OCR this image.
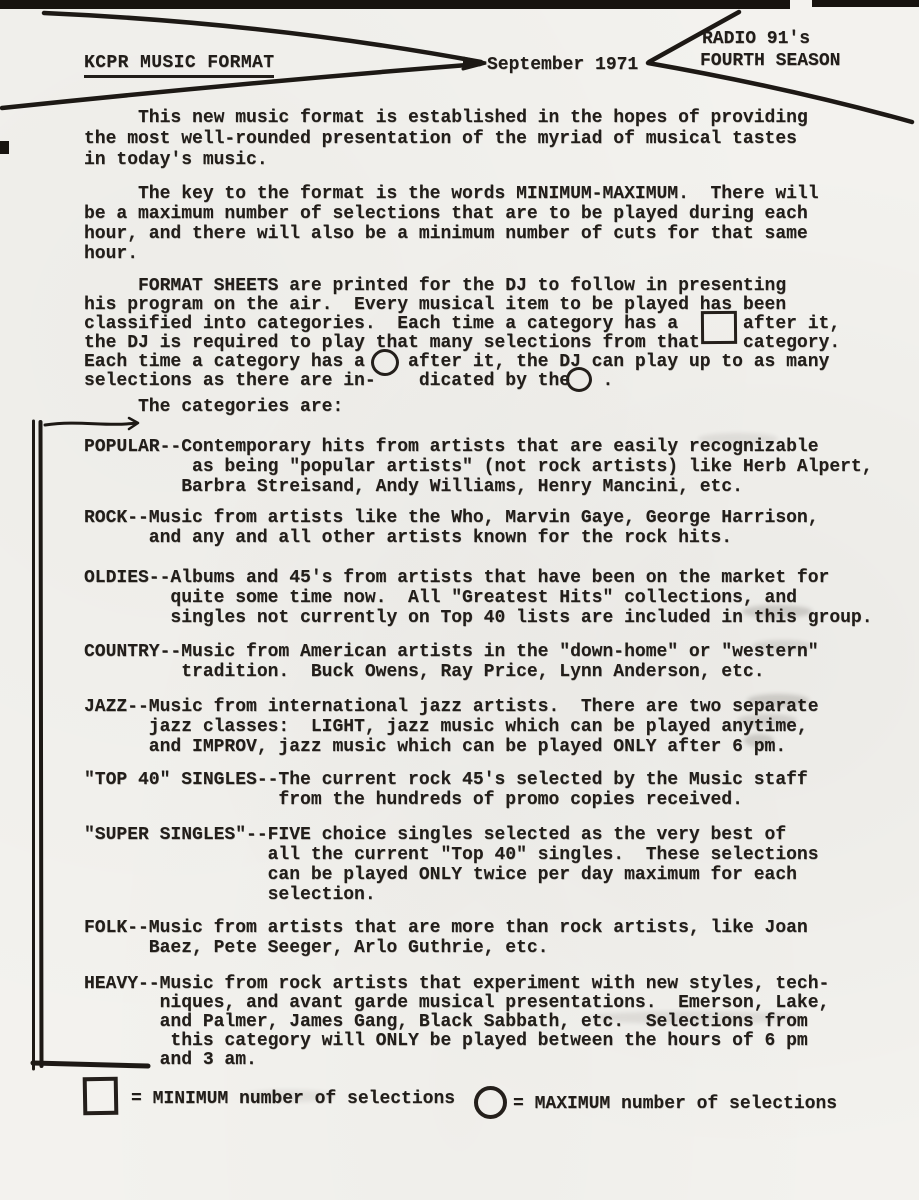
KCPR MUSIC FORMAT	September 1971
RADIO 91's
FOURTH SEASON
This new music format is established in the hopes of providing
the most well-rounded presentation of the myriad of musical tastes
in today's music.
The key to the format is the words MINIMUM-MAXIMUM.  There will
be a maximum number of selections that are to be played during each
hour, and there will also be a minimum number of cuts for that same
hour.
FORMAT SHEETS are printed for the DJ to follow in presenting
his program on the air.  Every musical item to be played has been
classified into categories.  Each time a category has a      after it,
the DJ is required to play that many selections from that    category.
Each time a category has a    after it, the DJ can play up to as many
selections as there are in-    dicated by the   .
The categories are:
POPULAR--Contemporary hits from artists that are easily recognizable
as being "popular artists" (not rock artists) like Herb Alpert,
Barbra Streisand, Andy Williams, Henry Mancini, etc.
ROCK--Music from artists like the Who, Marvin Gaye, George Harrison,
and any and all other artists known for the rock hits.
OLDIES--Albums and 45's from artists that have been on the market for
quite some time now.  All "Greatest Hits" collections, and
singles not currently on Top 40 lists are included in this group.
COUNTRY--Music from American artists in the "down-home" or "western"
tradition.  Buck Owens, Ray Price, Lynn Anderson, etc.
JAZZ--Music from international jazz artists.  There are two separate
jazz classes:  LIGHT, jazz music which can be played anytime,
and IMPROV, jazz music which can be played ONLY after 6 pm.
"TOP 40" SINGLES--The current rock 45's selected by the Music staff
from the hundreds of promo copies received.
"SUPER SINGLES"--FIVE choice singles selected as the very best of
all the current "Top 40" singles.  These selections
can be played ONLY twice per day maximum for each
selection.
FOLK--Music from artists that are more than rock artists, like Joan
Baez, Pete Seeger, Arlo Guthrie, etc.
HEAVY--Music from rock artists that experiment with new styles, tech-
niques, and avant garde musical presentations.  Emerson, Lake,
and Palmer, James Gang, Black Sabbath, etc.  Selections from
this category will ONLY be played between the hours of 6 pm
and 3 am.
= MINIMUM number of selections	= MAXIMUM number of selections
